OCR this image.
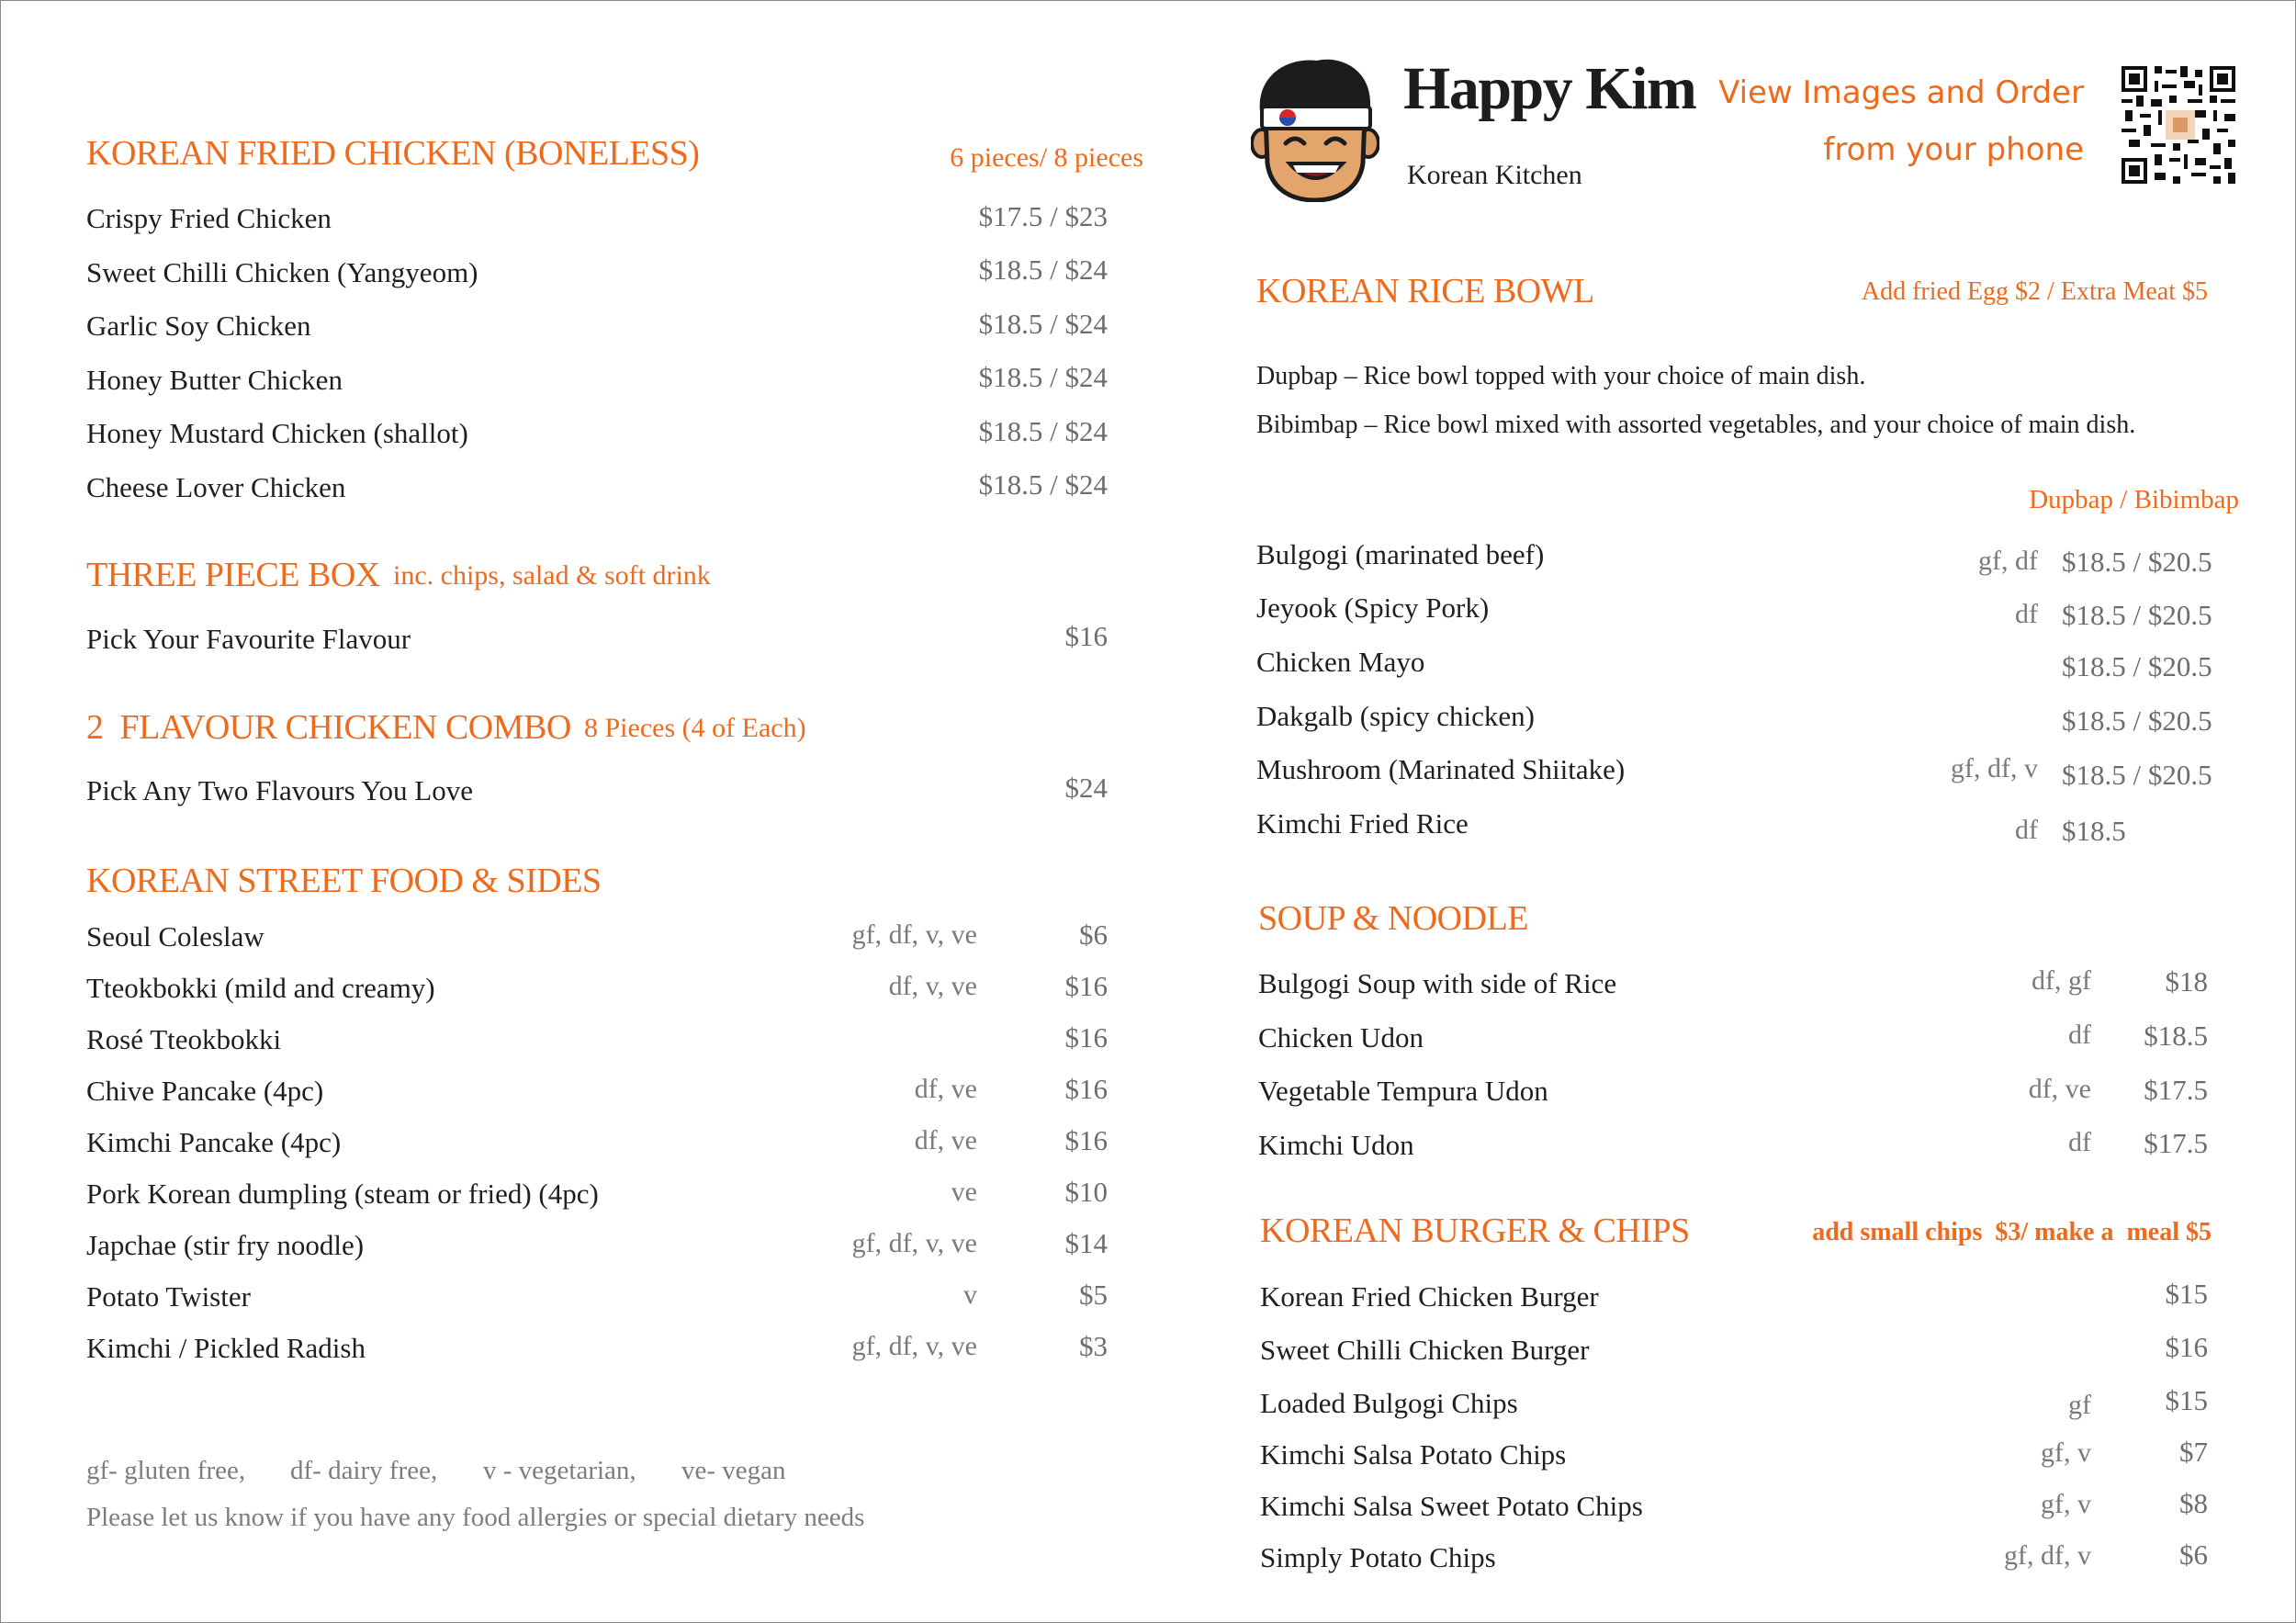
Happy Kim
Korean Kitchen
View Images and Order
from your phone
KOREAN FRIED CHICKEN (BONELESS)	6 pieces/ 8 pieces
Crispy Fried Chicken	$17.5 / $23
Sweet Chilli Chicken (Yangyeom)	$18.5 / $24
Garlic Soy Chicken	$18.5 / $24
Honey Butter Chicken	$18.5 / $24
Honey Mustard Chicken (shallot)	$18.5 / $24
Cheese Lover Chicken	$18.5 / $24
THREE PIECE BOX inc. chips, salad & soft drink
Pick Your Favourite Flavour	$16
2  FLAVOUR CHICKEN COMBO 8 Pieces (4 of Each)
Pick Any Two Flavours You Love	$24
KOREAN STREET FOOD & SIDES
Seoul Coleslaw	gf, df, v, ve	$6
Tteokbokki (mild and creamy)	df, v, ve	$16
Rosé Tteokbokki	$16
Chive Pancake (4pc)	df, ve	$16
Kimchi Pancake (4pc)	df, ve	$16
Pork Korean dumpling (steam or fried) (4pc)	ve	$10
Japchae (stir fry noodle)	gf, df, v, ve	$14
Potato Twister	v	$5
Kimchi / Pickled Radish	gf, df, v, ve	$3
gf- gluten free, df- dairy free, v - vegetarian, ve- vegan
Please let us know if you have any food allergies or special dietary needs
KOREAN RICE BOWL	Add fried Egg $2 / Extra Meat $5
Dupbap – Rice bowl topped with your choice of main dish.
Bibimbap – Rice bowl mixed with assorted vegetables, and your choice of main dish.
Dupbap / Bibimbap
Bulgogi (marinated beef)	gf, df $18.5 / $20.5
Jeyook (Spicy Pork)	df $18.5 / $20.5
Chicken Mayo	$18.5 / $20.5
Dakgalb (spicy chicken)	$18.5 / $20.5
Mushroom (Marinated Shiitake)	gf, df, v $18.5 / $20.5
Kimchi Fried Rice	df $18.5
SOUP & NOODLE
Bulgogi Soup with side of Rice	df, gf	$18
Chicken Udon	df $18.5
Vegetable Tempura Udon	df, ve $17.5
Kimchi Udon	df $17.5
KOREAN BURGER & CHIPS	add small chips  $3/ make a  meal $5
Korean Fried Chicken Burger	$15
Sweet Chilli Chicken Burger	$16
Loaded Bulgogi Chips	gf	$15
Kimchi Salsa Potato Chips	gf, v	$7
Kimchi Salsa Sweet Potato Chips	gf, v	$8
Simply Potato Chips	gf, df, v	$6
